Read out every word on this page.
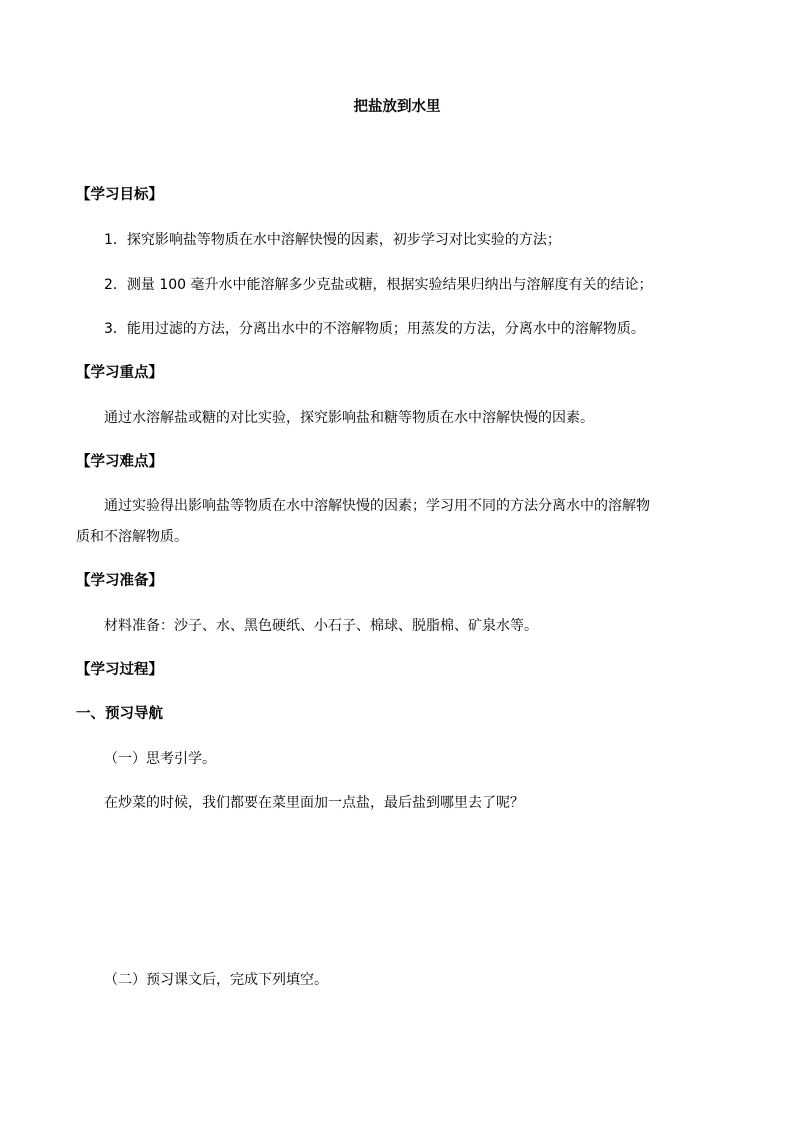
把盐放到水里
【学习目标】
1．探究影响盐等物质在水中溶解快慢的因素，初步学习对比实验的方法；
2．测量 100 毫升水中能溶解多少克盐或糖，根据实验结果归纳出与溶解度有关的结论；
3．能用过滤的方法，分离出水中的不溶解物质；用蒸发的方法，分离水中的溶解物质。
【学习重点】
通过水溶解盐或糖的对比实验，探究影响盐和糖等物质在水中溶解快慢的因素。
【学习难点】
通过实验得出影响盐等物质在水中溶解快慢的因素；学习用不同的方法分离水中的溶解物
质和不溶解物质。
【学习准备】
材料准备：沙子、水、黑色硬纸、小石子、棉球、脱脂棉、矿泉水等。
【学习过程】
一、预习导航
（一）思考引学。
在炒菜的时候，我们都要在菜里面加一点盐，最后盐到哪里去了呢？
（二）预习课文后，完成下列填空。
